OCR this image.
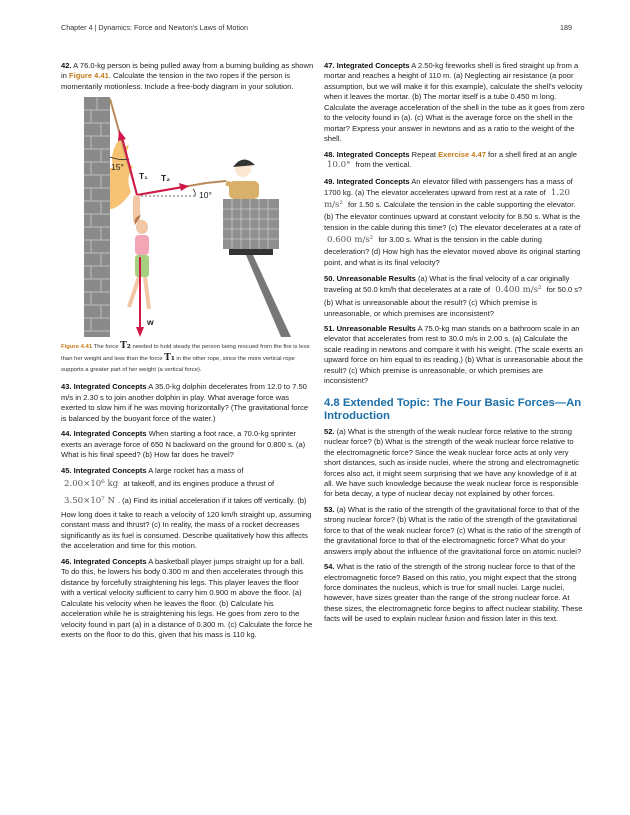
Chapter 4 | Dynamics: Force and Newton's Laws of Motion	189

42. A 76.0-kg person is being pulled away from a burning building as shown in Figure 4.41. Calculate the tension in the two ropes if the person is momentarily motionless. Include a free-body diagram in your solution.

15°
T₁ T₂
10°
w

Figure 4.41 The force T₂ needed to hold steady the person being rescued from the fire is less than her weight and less than the force T₁ in the other rope, since the more vertical rope supports a greater part of her weight (a vertical force).

43. Integrated Concepts A 35.0-kg dolphin decelerates from 12.0 to 7.50 m/s in 2.30 s to join another dolphin in play. What average force was exerted to slow him if he was moving horizontally? (The gravitational force is balanced by the buoyant force of the water.)

44. Integrated Concepts When starting a foot race, a 70.0-kg sprinter exerts an average force of 650 N backward on the ground for 0.800 s. (a) What is his final speed? (b) How far does he travel?

45. Integrated Concepts A large rocket has a mass of
2.00×10⁶ kg at takeoff, and its engines produce a thrust of
3.50×10⁷ N . (a) Find its initial acceleration if it takes off vertically. (b) How long does it take to reach a velocity of 120 km/h straight up, assuming constant mass and thrust? (c) In reality, the mass of a rocket decreases significantly as its fuel is consumed. Describe qualitatively how this affects the acceleration and time for this motion.

46. Integrated Concepts A basketball player jumps straight up for a ball. To do this, he lowers his body 0.300 m and then accelerates through this distance by forcefully straightening his legs. This player leaves the floor with a vertical velocity sufficient to carry him 0.900 m above the floor. (a) Calculate his velocity when he leaves the floor. (b) Calculate his acceleration while he is straightening his legs. He goes from zero to the velocity found in part (a) in a distance of 0.300 m. (c) Calculate the force he exerts on the floor to do this, given that his mass is 110 kg.

47. Integrated Concepts A 2.50-kg fireworks shell is fired straight up from a mortar and reaches a height of 110 m. (a) Neglecting air resistance (a poor assumption, but we will make it for this example), calculate the shell's velocity when it leaves the mortar. (b) The mortar itself is a tube 0.450 m long. Calculate the average acceleration of the shell in the tube as it goes from zero to the velocity found in (a). (c) What is the average force on the shell in the mortar? Express your answer in newtons and as a ratio to the weight of the shell.

48. Integrated Concepts Repeat Exercise 4.47 for a shell fired at an angle 10.0° from the vertical.

49. Integrated Concepts An elevator filled with passengers has a mass of 1700 kg. (a) The elevator accelerates upward from rest at a rate of 1.20 m/s² for 1.50 s. Calculate the tension in the cable supporting the elevator. (b) The elevator continues upward at constant velocity for 8.50 s. What is the tension in the cable during this time? (c) The elevator decelerates at a rate of 0.600 m/s² for 3.00 s. What is the tension in the cable during deceleration? (d) How high has the elevator moved above its original starting point, and what is its final velocity?

50. Unreasonable Results (a) What is the final velocity of a car originally traveling at 50.0 km/h that decelerates at a rate of 0.400 m/s² for 50.0 s? (b) What is unreasonable about the result? (c) Which premise is unreasonable, or which premises are inconsistent?

51. Unreasonable Results A 75.0-kg man stands on a bathroom scale in an elevator that accelerates from rest to 30.0 m/s in 2.00 s. (a) Calculate the scale reading in newtons and compare it with his weight. (The scale exerts an upward force on him equal to its reading.) (b) What is unreasonable about the result? (c) Which premise is unreasonable, or which premises are inconsistent?

4.8 Extended Topic: The Four Basic Forces—An Introduction

52. (a) What is the strength of the weak nuclear force relative to the strong nuclear force? (b) What is the strength of the weak nuclear force relative to the electromagnetic force? Since the weak nuclear force acts at only very short distances, such as inside nuclei, where the strong and electromagnetic forces also act, it might seem surprising that we have any knowledge of it at all. We have such knowledge because the weak nuclear force is responsible for beta decay, a type of nuclear decay not explained by other forces.

53. (a) What is the ratio of the strength of the gravitational force to that of the strong nuclear force? (b) What is the ratio of the strength of the gravitational force to that of the weak nuclear force? (c) What is the ratio of the strength of the gravitational force to that of the electromagnetic force? What do your answers imply about the influence of the gravitational force on atomic nuclei?

54. What is the ratio of the strength of the strong nuclear force to that of the electromagnetic force? Based on this ratio, you might expect that the strong force dominates the nucleus, which is true for small nuclei. Large nuclei, however, have sizes greater than the range of the strong nuclear force. At these sizes, the electromagnetic force begins to affect nuclear stability. These facts will be used to explain nuclear fusion and fission later in this text.
